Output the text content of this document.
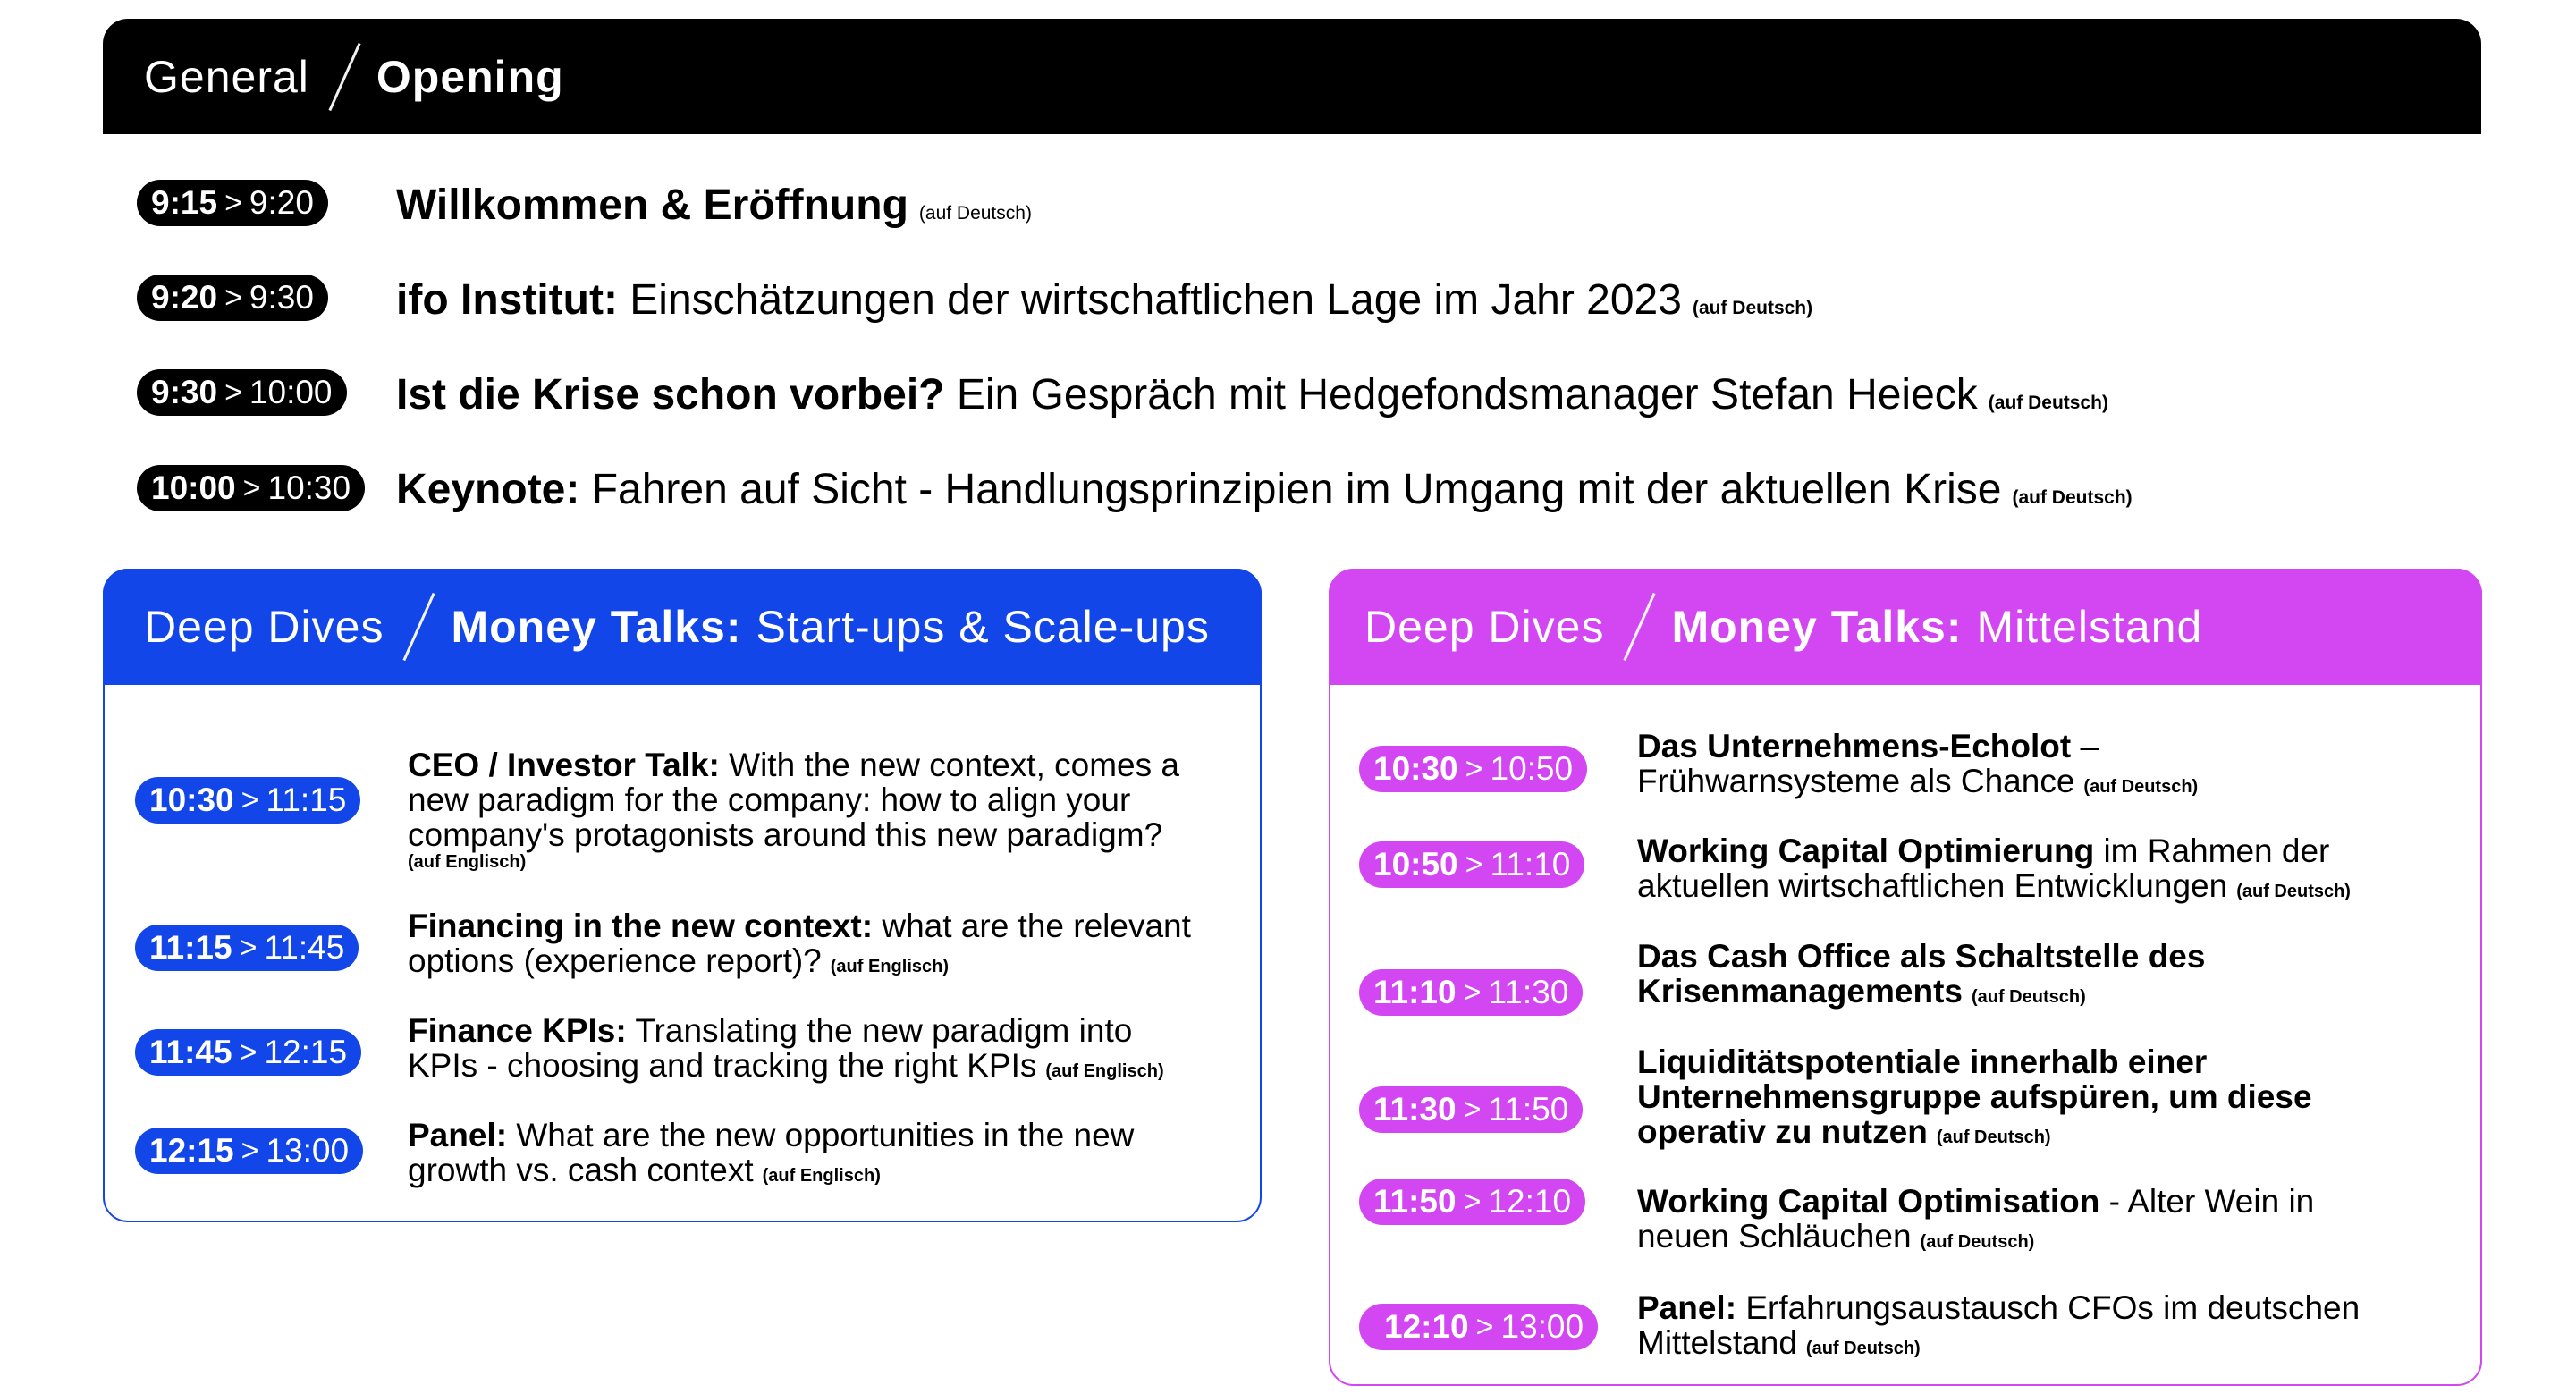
General Opening
9:15 > 9:20 Willkommen & Eröffnung (auf Deutsch)
9:20 > 9:30 ifo Institut: Einschätzungen der wirtschaftlichen Lage im Jahr 2023 (auf Deutsch)
9:30 > 10:00 Ist die Krise schon vorbei? Ein Gespräch mit Hedgefondsmanager Stefan Heieck (auf Deutsch)
10:00 > 10:30 Keynote: Fahren auf Sicht - Handlungsprinzipien im Umgang mit der aktuellen Krise (auf Deutsch)
Deep Dives Money Talks: Start-ups & Scale-ups
10:30 > 11:15
CEO / Investor Talk: With the new context, comes a
new paradigm for the company: how to align your
company's protagonists around this new paradigm?
(auf Englisch)
11:15 > 11:45
Financing in the new context: what are the relevant
options (experience report)? (auf Englisch)
11:45 > 12:15
Finance KPIs: Translating the new paradigm into
KPIs - choosing and tracking the right KPIs (auf Englisch)
12:15 > 13:00 Panel: What are the new opportunities in the new
growth vs. cash context (auf Englisch)
Deep Dives Money Talks: Mittelstand
10:30 > 10:50
Das Unternehmens-Echolot –
Frühwarnsysteme als Chance (auf Deutsch)
10:50 > 11:10 Working Capital Optimierung im Rahmen der
aktuellen wirtschaftlichen Entwicklungen (auf Deutsch)
11:10 > 11:30
Das Cash Office als Schaltstelle des
Krisenmanagements (auf Deutsch)
11:30 > 11:50
Liquiditätspotentiale innerhalb einer
Unternehmensgruppe aufspüren, um diese
operativ zu nutzen (auf Deutsch)
11:50 > 12:10 Working Capital Optimisation - Alter Wein in
neuen Schläuchen (auf Deutsch)
12:10 > 13:00
Panel: Erfahrungsaustausch CFOs im deutschen
Mittelstand (auf Deutsch)
